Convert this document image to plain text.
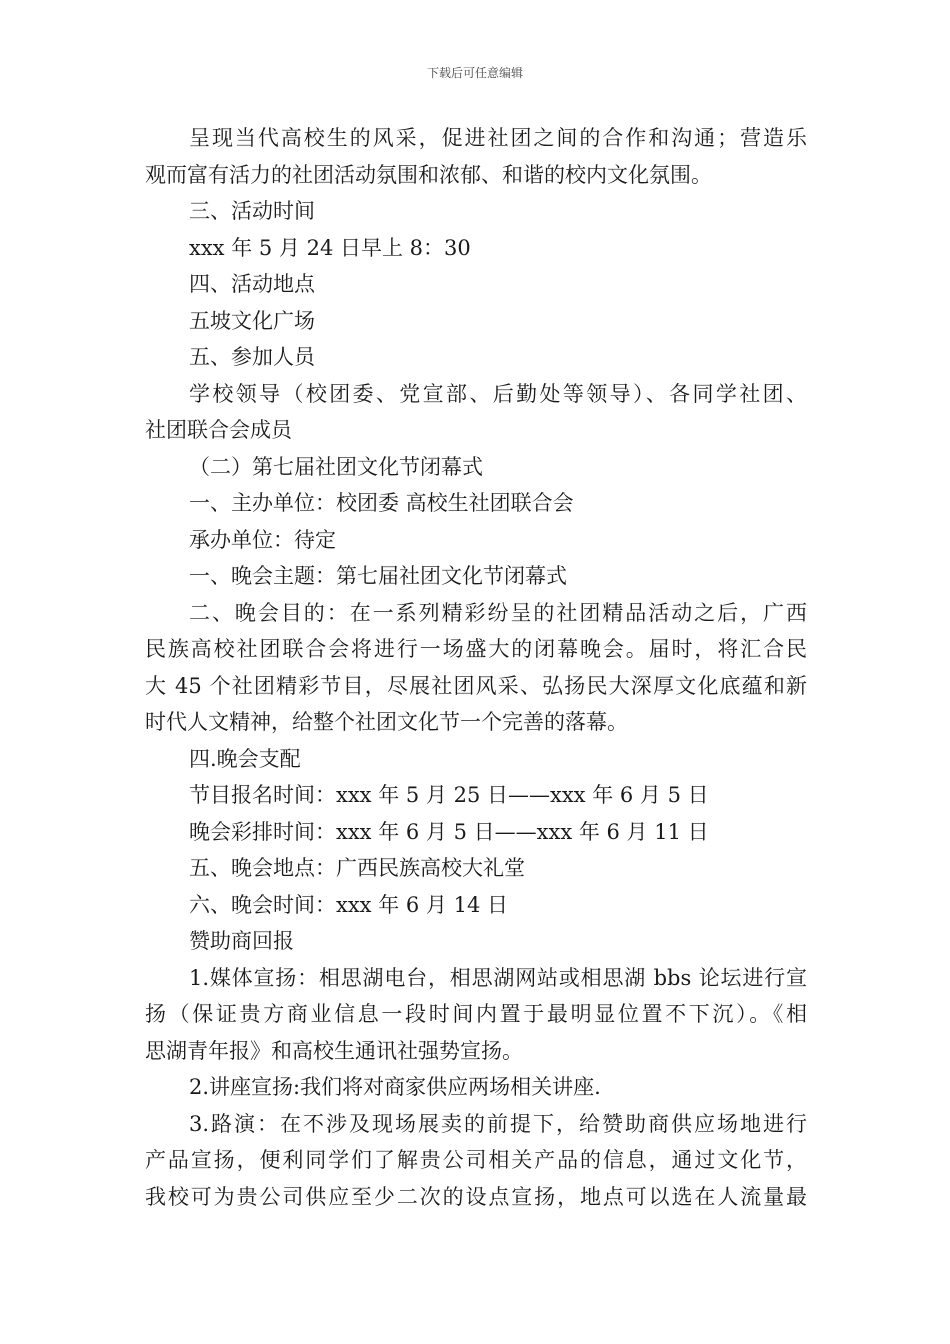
下载后可任意编辑
呈现当代高校生的风采，促进社团之间的合作和沟通；营造乐
观而富有活力的社团活动氛围和浓郁、和谐的校内文化氛围。
三、活动时间
xxx 年 5 月 24 日早上 8：30
四、活动地点
五坡文化广场
五、参加人员
学校领导（校团委、党宣部、后勤处等领导）、各同学社团、
社团联合会成员
（二）第七届社团文化节闭幕式
一、主办单位：校团委 高校生社团联合会
承办单位：待定
一、晚会主题：第七届社团文化节闭幕式
二、晚会目的：在一系列精彩纷呈的社团精品活动之后，广西
民族高校社团联合会将进行一场盛大的闭幕晚会。届时，将汇合民
大 45 个社团精彩节目，尽展社团风采、弘扬民大深厚文化底蕴和新
时代人文精神，给整个社团文化节一个完善的落幕。
四.晚会支配
节目报名时间：xxx 年 5 月 25 日——xxx 年 6 月 5 日
晚会彩排时间：xxx 年 6 月 5 日——xxx 年 6 月 11 日
五、晚会地点：广西民族高校大礼堂
六、晚会时间：xxx 年 6 月 14 日
赞助商回报
1.媒体宣扬：相思湖电台，相思湖网站或相思湖 bbs 论坛进行宣
扬（保证贵方商业信息一段时间内置于最明显位置不下沉）。《相
思湖青年报》和高校生通讯社强势宣扬。
2.讲座宣扬:我们将对商家供应两场相关讲座.
3.路演：在不涉及现场展卖的前提下，给赞助商供应场地进行
产品宣扬，便利同学们了解贵公司相关产品的信息，通过文化节，
我校可为贵公司供应至少二次的设点宣扬，地点可以选在人流量最
